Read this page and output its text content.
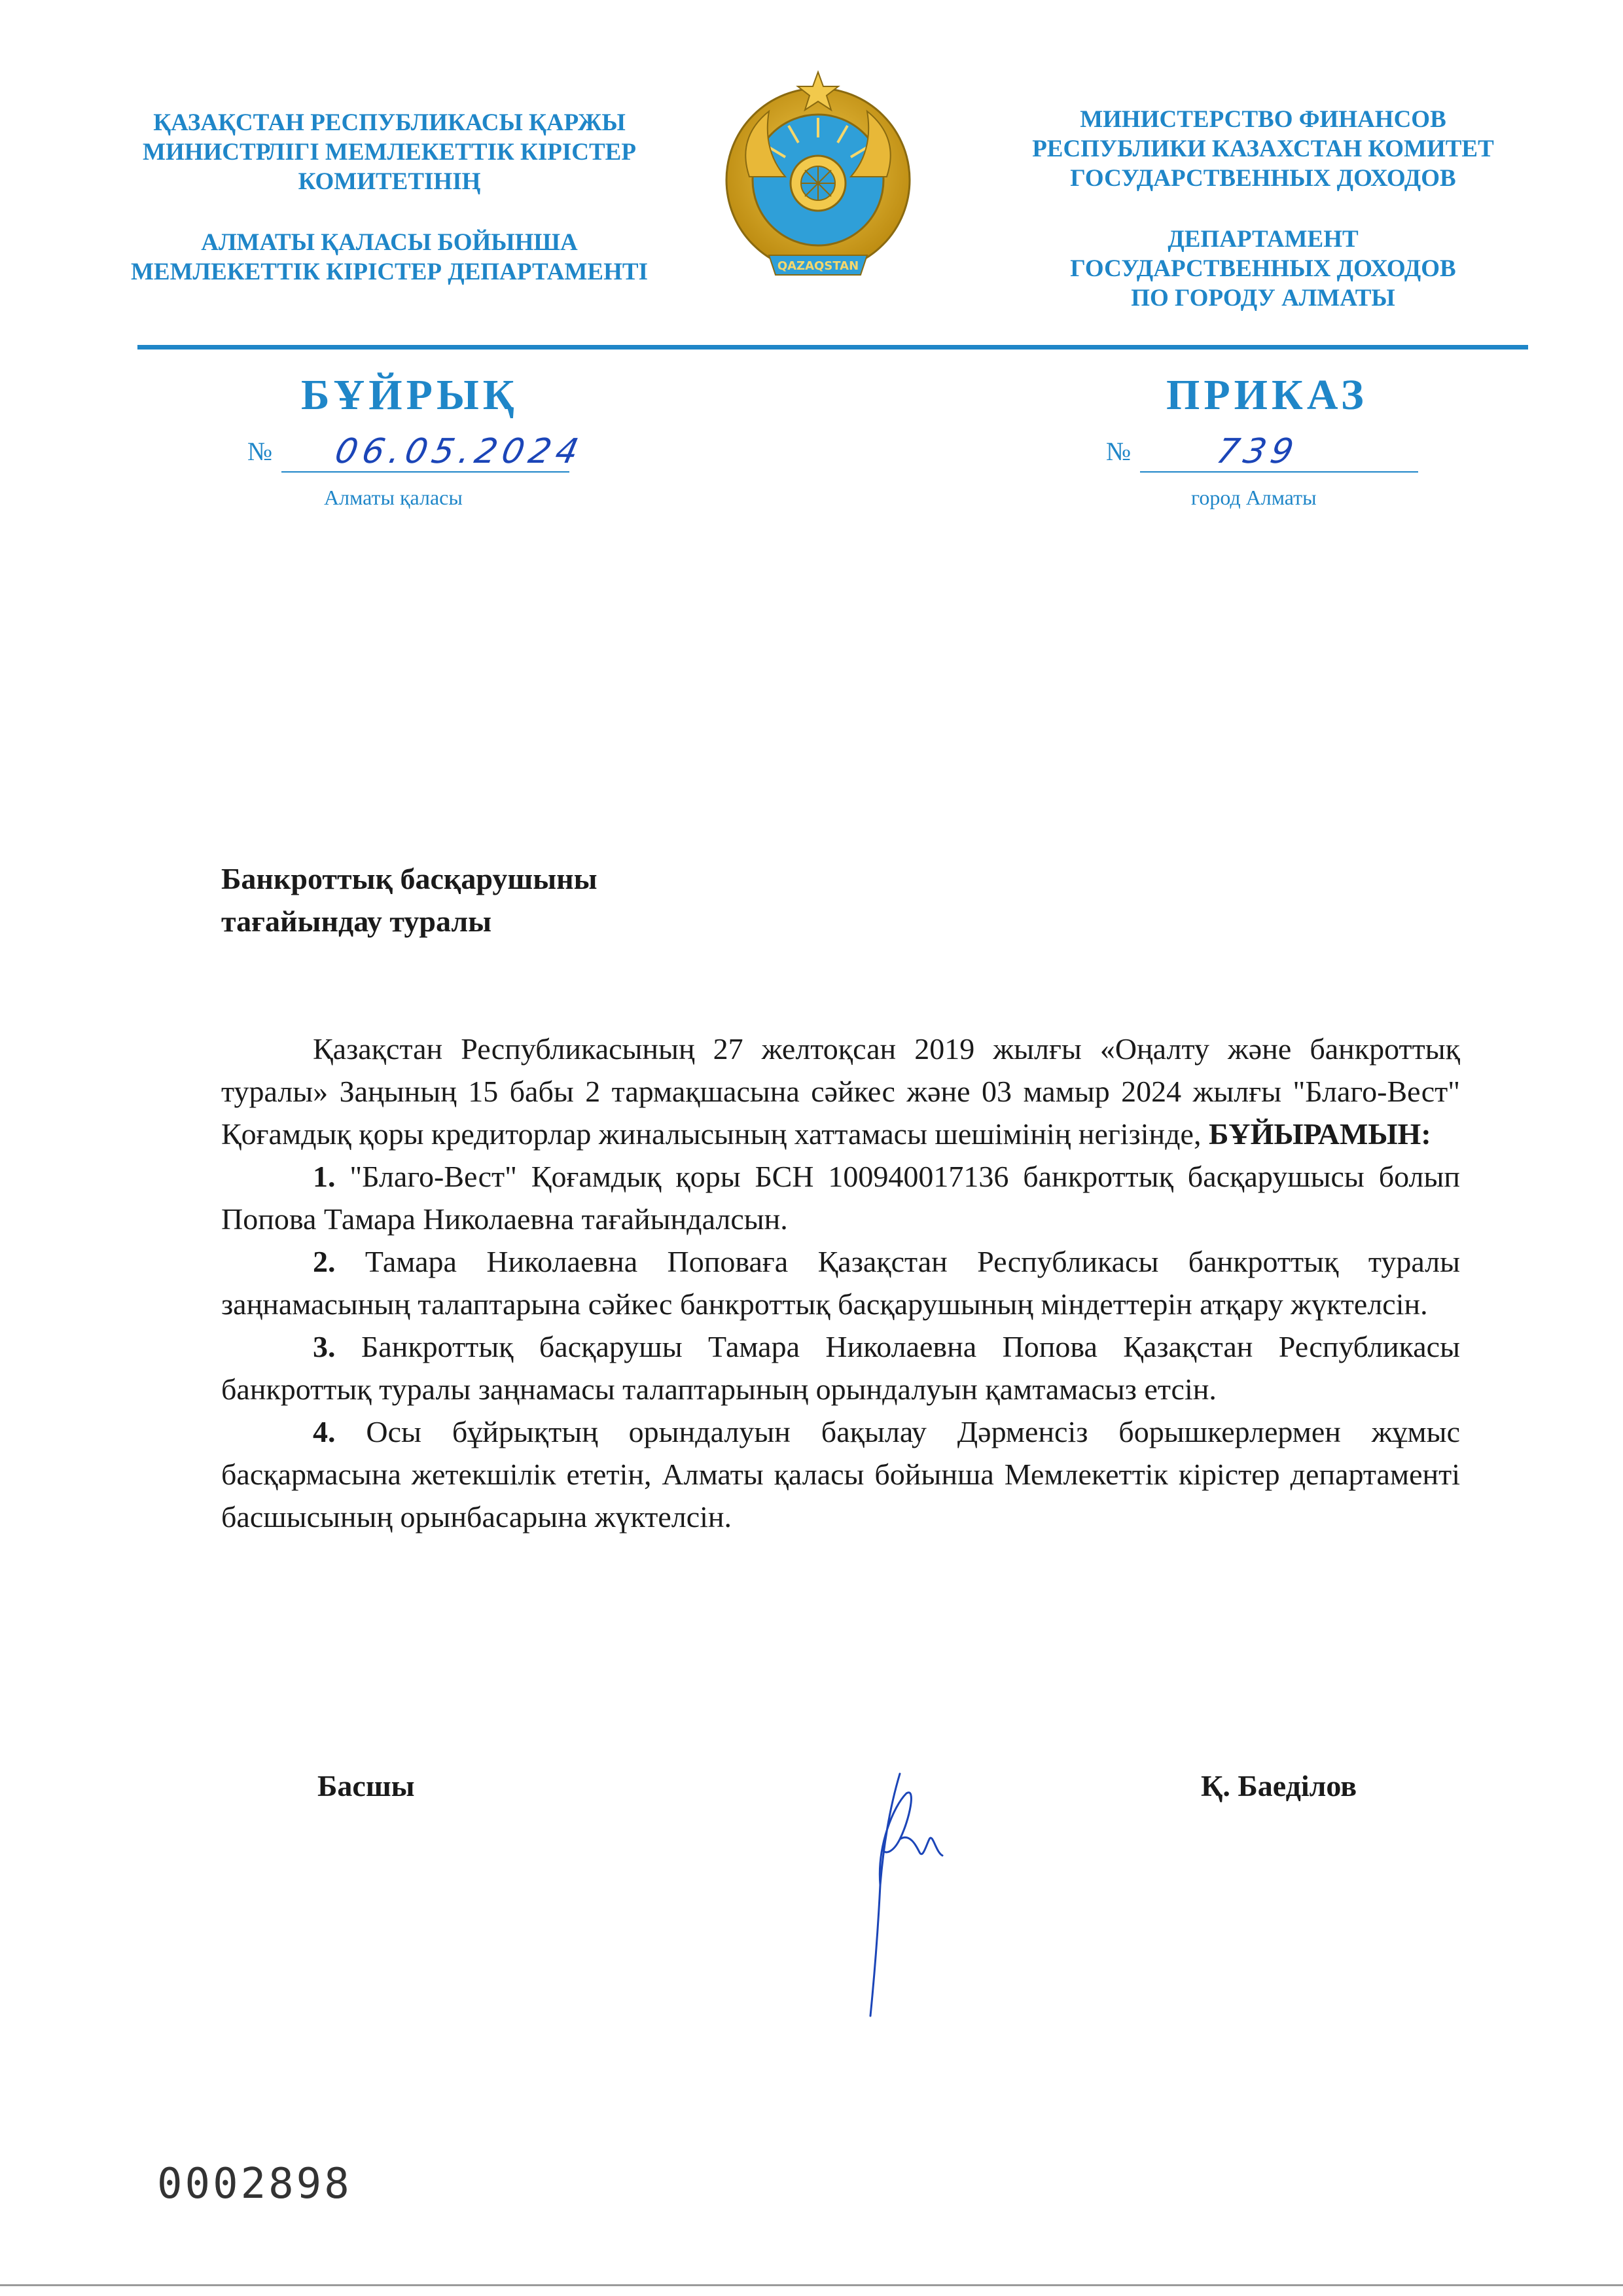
ҚАЗАҚСТАН РЕСПУБЛИКАСЫ ҚАРЖЫ
МИНИСТРЛІГІ МЕМЛЕКЕТТІК КІРІСТЕР
КОМИТЕТІНІҢ
АЛМАТЫ ҚАЛАСЫ БОЙЫНША
МЕМЛЕКЕТТІК КІРІСТЕР ДЕПАРТАМЕНТІ	QAZAQSTAN
МИНИСТЕРСТВО ФИНАНСОВ
РЕСПУБЛИКИ КАЗАХСТАН КОМИТЕТ
ГОСУДАРСТВЕННЫХ ДОХОДОВ
ДЕПАРТАМЕНТ
ГОСУДАРСТВЕННЫХ ДОХОДОВ
ПО ГОРОДУ АЛМАТЫ
БҰЙРЫҚ	ПРИКАЗ
№ 06.05.2024	№ 739
Алматы қаласы	город Алматы
Банкроттық басқарушыны
тағайындау туралы

Қазақстан Республикасының 27 желтоқсан 2019 жылғы «Оңалту және банкроттық туралы» Заңының 15 бабы 2 тармақшасына сәйкес және 03 мамыр 2024 жылғы "Благо-Вест" Қоғамдық қоры кредиторлар жиналысының хаттамасы шешімінің негізінде, БҰЙЫРАМЫН:

1. "Благо-Вест" Қоғамдық қоры БСН 100940017136 банкроттық басқарушысы болып Попова Тамара Николаевна тағайындалсын.

2. Тамара Николаевна Поповаға Қазақстан Республикасы банкроттық туралы заңнамасының талаптарына сәйкес банкроттық басқарушының міндеттерін атқару жүктелсін.

3. Банкроттық басқарушы Тамара Николаевна Попова Қазақстан Республикасы банкроттық туралы заңнамасы талаптарының орындалуын қамтамасыз етсін.

4. Осы бұйрықтың орындалуын бақылау Дәрменсіз борышкерлермен жұмыс басқармасына жетекшілік ететін, Алматы қаласы бойынша Мемлекеттік кірістер департаменті басшысының орынбасарына жүктелсін.

Басшы	Қ. Баеділов
0002898
